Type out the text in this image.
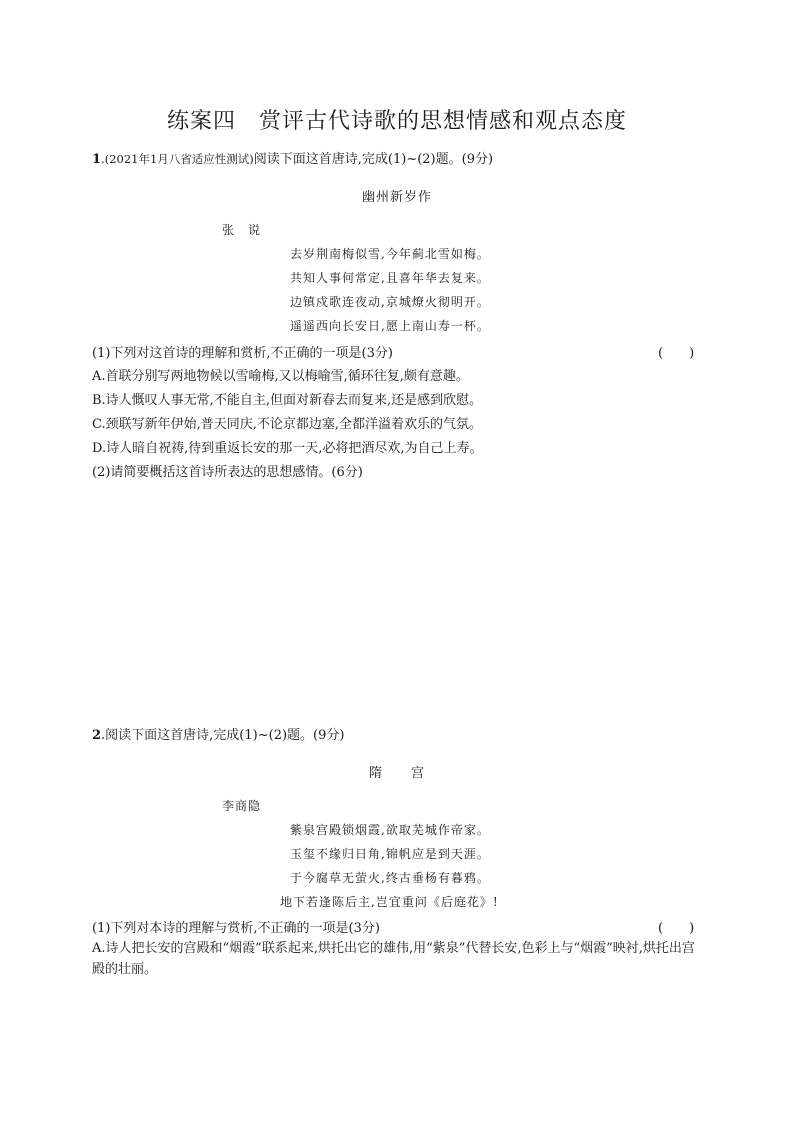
练案四　赏评古代诗歌的思想情感和观点态度
1.(2021年1月八省适应性测试)阅读下面这首唐诗,完成(1)~(2)题。(9分)
幽州新岁作
张　说
去岁荆南梅似雪,今年蓟北雪如梅。
共知人事何常定,且喜年华去复来。
边镇戍歌连夜动,京城燎火彻明开。
遥遥西向长安日,愿上南山寿一杯。
(1)下列对这首诗的理解和赏析,不正确的一项是(3分)	(　　)
A.首联分别写两地物候以雪喻梅,又以梅喻雪,循环往复,颇有意趣。
B.诗人慨叹人事无常,不能自主,但面对新春去而复来,还是感到欣慰。
C.颈联写新年伊始,普天同庆,不论京都边塞,全都洋溢着欢乐的气氛。
D.诗人暗自祝祷,待到重返长安的那一天,必将把酒尽欢,为自己上寿。
(2)请简要概括这首诗所表达的思想感情。(6分)
2.阅读下面这首唐诗,完成(1)~(2)题。(9分)
隋　　宫
李商隐
紫泉宫殿锁烟霞,欲取芜城作帝家。
玉玺不缘归日角,锦帆应是到天涯。
于今腐草无萤火,终古垂杨有暮鸦。
地下若逢陈后主,岂宜重问《后庭花》!
(1)下列对本诗的理解与赏析,不正确的一项是(3分)	(　　)
A.诗人把长安的宫殿和“烟霞”联系起来,烘托出它的雄伟,用“紫泉”代替长安,色彩上与“烟霞”映衬,烘托出宫殿的壮丽。
